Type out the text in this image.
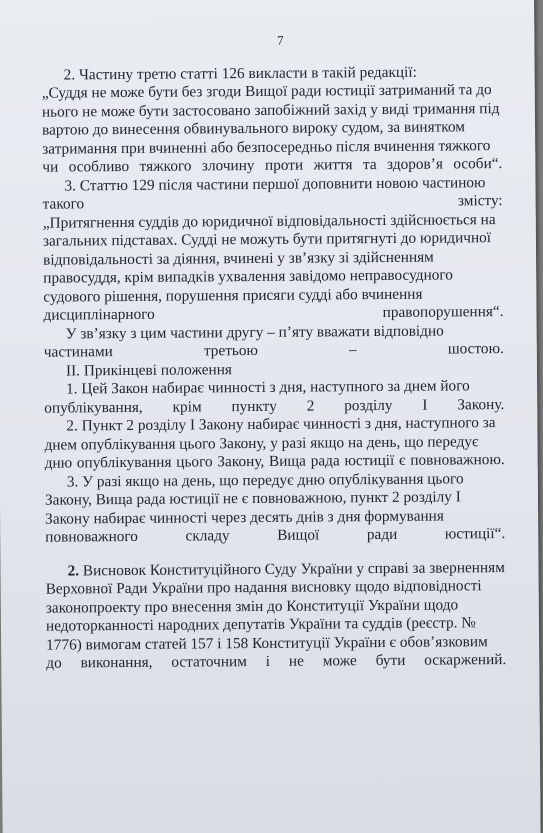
7

2. Частину третю статті 126 викласти в такій редакції:

„Суддя не може бути без згоди Вищої ради юстиції затриманий та до нього не може бути застосовано запобіжний захід у виді тримання під вартою до винесення обвинувального вироку судом, за винятком затримання при вчиненні або безпосередньо після вчинення тяжкого чи особливо тяжкого злочину проти життя та здоров’я особи“.

3. Статтю 129 після частини першої доповнити новою частиною такого змісту:

„Притягнення суддів до юридичної відповідальності здійснюється на загальних підставах. Судді не можуть бути притягнуті до юридичної відповідальності за діяння, вчинені у зв’язку зі здійсненням правосуддя, крім випадків ухвалення завідомо неправосудного судового рішення, порушення присяги судді або вчинення дисциплінарного правопорушення“.

У зв’язку з цим частини другу – п’яту вважати відповідно частинами третьою – шостою.

ІІ. Прикінцеві положення

1. Цей Закон набирає чинності з дня, наступного за днем його опублікування, крім пункту 2 розділу І Закону.

2. Пункт 2 розділу І Закону набирає чинності з дня, наступного за днем опублікування цього Закону, у разі якщо на день, що передує дню опублікування цього Закону, Вища рада юстиції є повноважною.

3. У разі якщо на день, що передує дню опублікування цього Закону, Вища рада юстиції не є повноважною, пункт 2 розділу І Закону набирає чинності через десять днів з дня формування повноважного складу Вищої ради юстиції“.

2. Висновок Конституційного Суду України у справі за зверненням Верховної Ради України про надання висновку щодо відповідності законопроекту про внесення змін до Конституції України щодо недоторканності народних депутатів України та суддів (реєстр. № 1776) вимогам статей 157 і 158 Конституції України є обов’язковим до виконання, остаточним і не може бути оскаржений.
